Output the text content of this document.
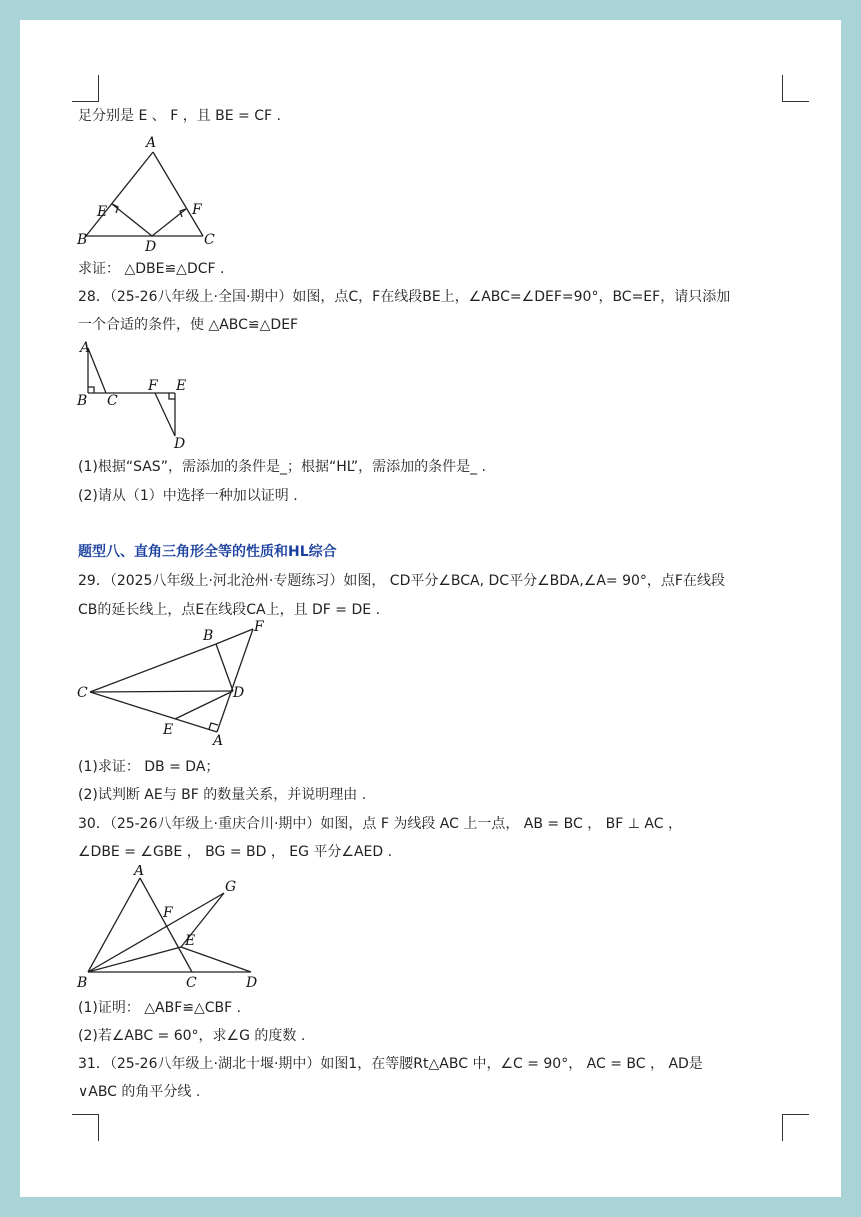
足分别是 E 、 F ，且 BE = CF .
A
E	F
B	D	C
求证： △DBE≌△DCF .
28．（25-26八年级上·全国·期中）如图，点C，F在线段BE上，∠ABC=∠DEF=90°，BC=EF，请只添加
一个合适的条件，使 △ABC≌△DEF
A
B C
F E
D
(1)根据“SAS”，需添加的条件是_；根据“HL”，需添加的条件是_ .
(2)请从（1）中选择一种加以证明 .
题型八、直角三角形全等的性质和HL综合
29．（2025八年级上·河北沧州·专题练习）如图， CD平分∠BCA, DC平分∠BDA,∠A= 90°，点F在线段
CB的延长线上，点E在线段CA上，且 DF = DE .
B
F
C	D
E
A
(1)求证： DB = DA；
(2)试判断 AE与 BF 的数量关系，并说明理由 .
30．（25-26八年级上·重庆合川·期中）如图，点 F 为线段 AC 上一点， AB = BC ， BF ⊥ AC ，
∠DBE = ∠GBE ， BG = BD ， EG 平分∠AED .
A
G
F
E
B	C	D
(1)证明： △ABF≌△CBF .
(2)若∠ABC = 60°，求∠G 的度数 .
31．（25-26八年级上·湖北十堰·期中）如图1，在等腰Rt△ABC 中，∠C = 90°， AC = BC ， AD是
∨ABC 的角平分线 .
